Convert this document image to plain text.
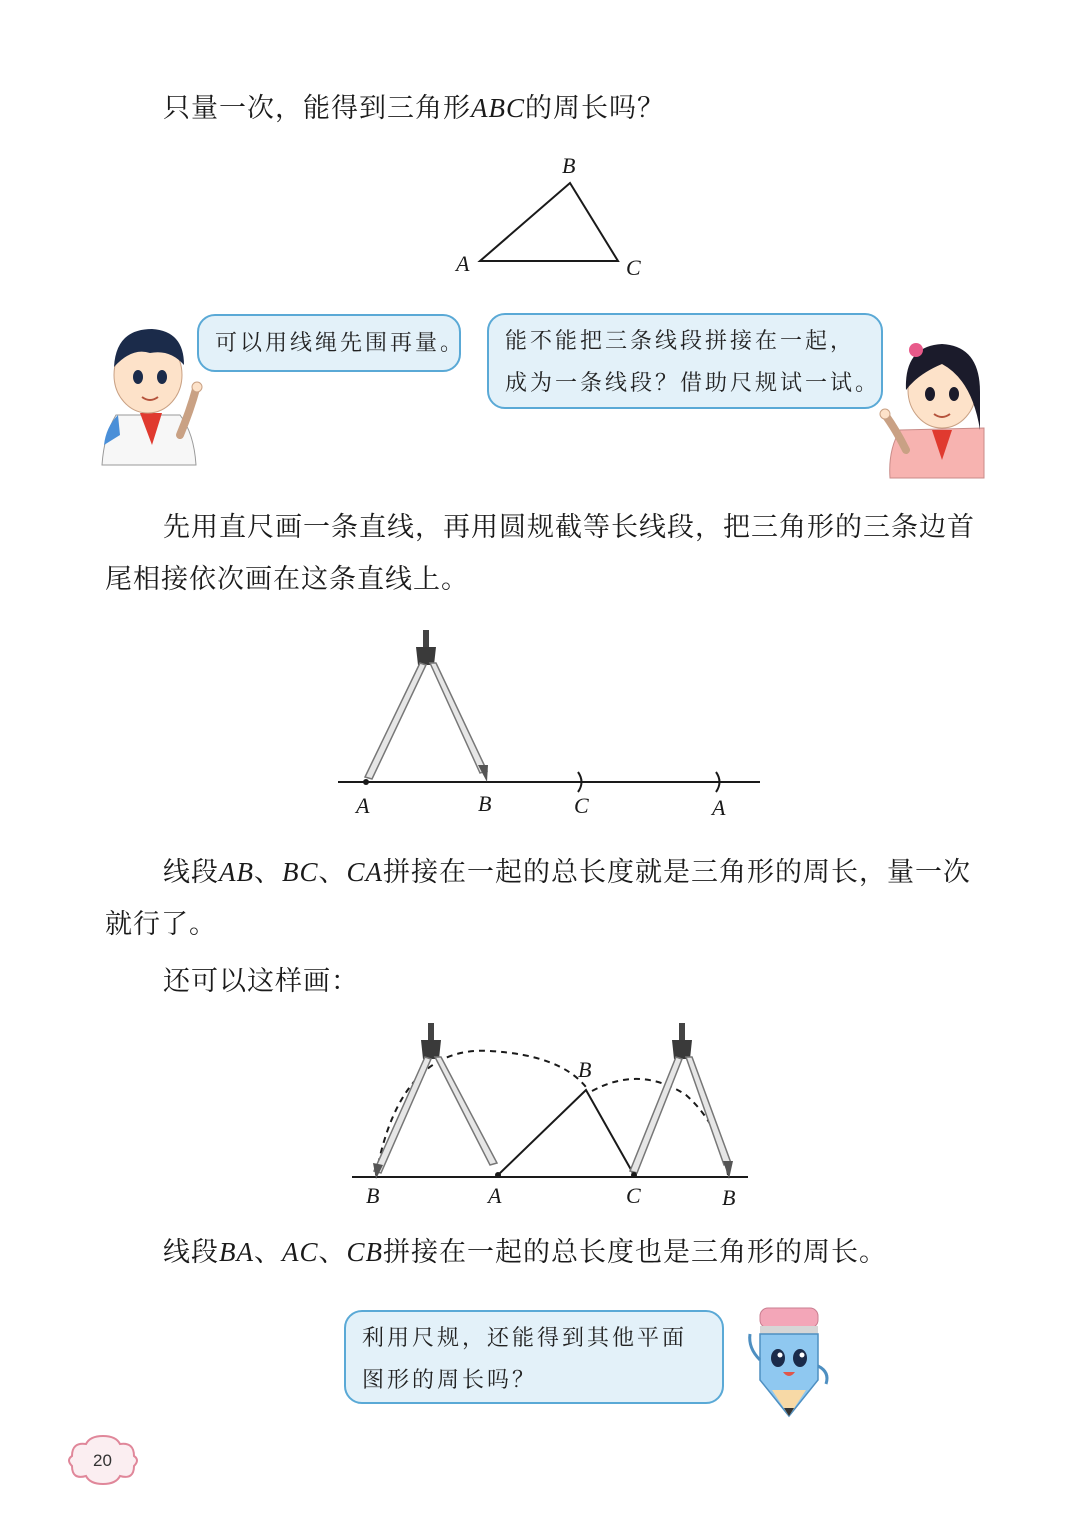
只量一次，能得到三角形ABC的周长吗？
B
A	C
可以用线绳先围再量。 能不能把三条线段拼接在一起，
成为一条线段？借助尺规试一试。
先用直尺画一条直线，再用圆规截等长线段，把三角形的三条边首
尾相接依次画在这条直线上。
A	B	C	A
线段AB、BC、CA拼接在一起的总长度就是三角形的周长，量一次
就行了。
还可以这样画：
B
B	A	C	B
线段BA、AC、CB拼接在一起的总长度也是三角形的周长。
利用尺规，还能得到其他平面
图形的周长吗？
20
